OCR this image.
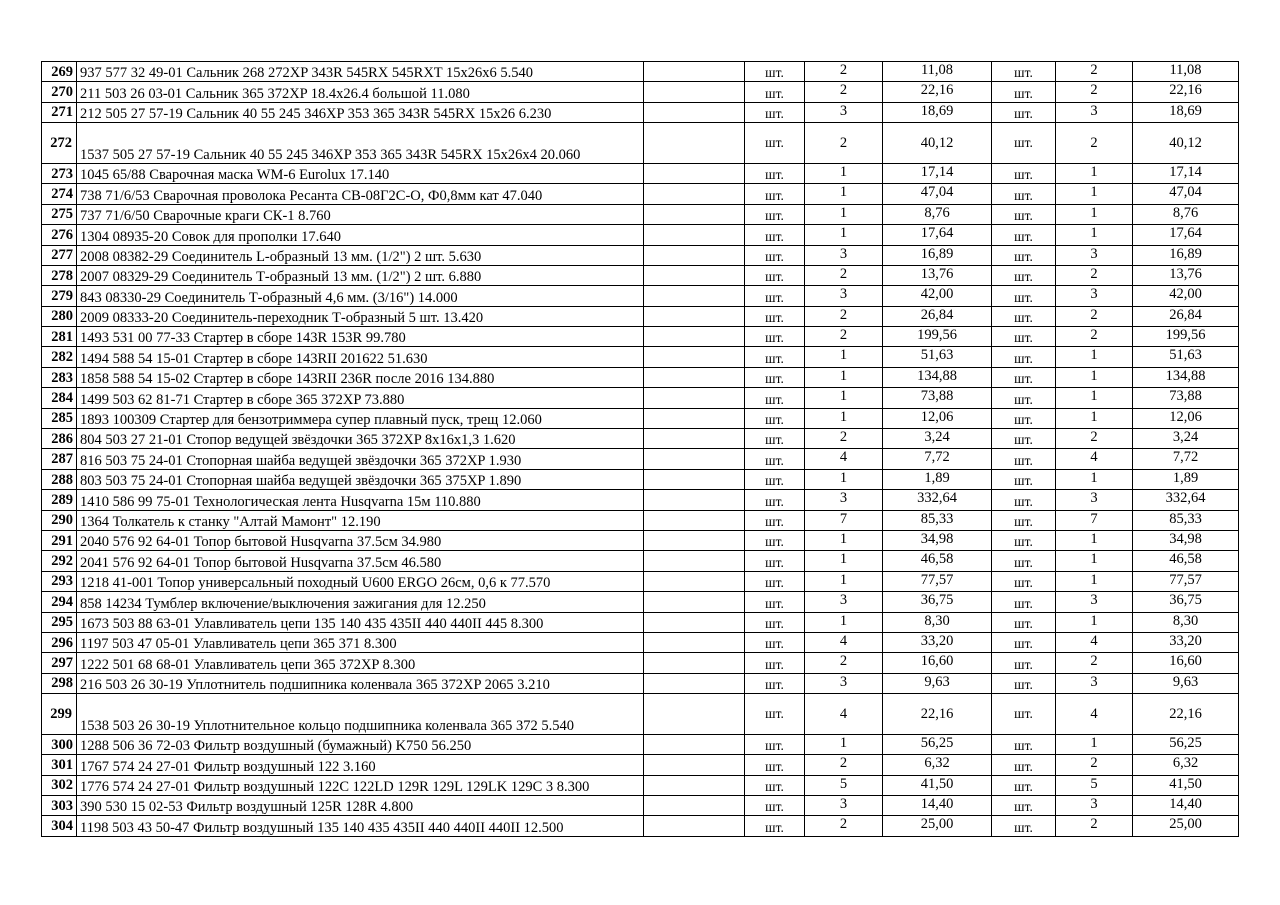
269	937 577 32 49-01 Сальник 268 272XP 343R 545RX 545RXT 15x26x6 5.540		шт.	2	11,08	шт.	2	11,08
270	211 503 26 03-01 Сальник 365 372XP 18.4x26.4 большой 11.080		шт.	2	22,16	шт.	2	22,16
271	212 505 27 57-19 Сальник 40 55 245 346XP 353 365 343R 545RX 15x26 6.230		шт.	3	18,69	шт.	3	18,69
272	1537 505 27 57-19 Сальник 40 55 245 346XP 353 365 343R 545RX 15x26x4 20.060		шт.	2	40,12	шт.	2	40,12
273	1045 65/88 Сварочная маска WM-6 Eurolux 17.140		шт.	1	17,14	шт.	1	17,14
274	738 71/6/53 Сварочная проволока Ресанта СВ-08Г2С-О, Ф0,8мм кат 47.040		шт.	1	47,04	шт.	1	47,04
275	737 71/6/50 Сварочные краги СК-1 8.760		шт.	1	8,76	шт.	1	8,76
276	1304 08935-20 Совок для прополки 17.640		шт.	1	17,64	шт.	1	17,64
277	2008 08382-29 Соединитель L-образный 13 мм. (1/2") 2 шт. 5.630		шт.	3	16,89	шт.	3	16,89
278	2007 08329-29 Соединитель Т-образный 13 мм. (1/2") 2 шт. 6.880		шт.	2	13,76	шт.	2	13,76
279	843 08330-29 Соединитель Т-образный 4,6 мм. (3/16") 14.000		шт.	3	42,00	шт.	3	42,00
280	2009 08333-20 Соединитель-переходник Т-образный 5 шт. 13.420		шт.	2	26,84	шт.	2	26,84
281	1493 531 00 77-33 Стартер в сборе 143R 153R 99.780		шт.	2	199,56	шт.	2	199,56
282	1494 588 54 15-01 Стартер в сборе 143RII 201622 51.630		шт.	1	51,63	шт.	1	51,63
283	1858 588 54 15-02 Стартер в сборе 143RII 236R после 2016 134.880		шт.	1	134,88	шт.	1	134,88
284	1499 503 62 81-71 Стартер в сборе 365 372XP 73.880		шт.	1	73,88	шт.	1	73,88
285	1893 100309 Стартер для бензотриммера супер плавный пуск, трещ 12.060		шт.	1	12,06	шт.	1	12,06
286	804 503 27 21-01 Стопор ведущей звёздочки 365 372XP 8x16x1,3 1.620		шт.	2	3,24	шт.	2	3,24
287	816 503 75 24-01 Стопорная шайба ведущей звёздочки 365 372XP 1.930		шт.	4	7,72	шт.	4	7,72
288	803 503 75 24-01 Стопорная шайба ведущей звёздочки 365 375XP 1.890		шт.	1	1,89	шт.	1	1,89
289	1410 586 99 75-01 Технологическая лента Husqvarna 15м 110.880		шт.	3	332,64	шт.	3	332,64
290	1364 Толкатель к станку "Алтай Мамонт" 12.190		шт.	7	85,33	шт.	7	85,33
291	2040 576 92 64-01 Топор бытовой Husqvarna 37.5см 34.980		шт.	1	34,98	шт.	1	34,98
292	2041 576 92 64-01 Топор бытовой Husqvarna 37.5см 46.580		шт.	1	46,58	шт.	1	46,58
293	1218 41-001 Топор универсальный походный U600 ERGO 26см, 0,6 к 77.570		шт.	1	77,57	шт.	1	77,57
294	858 14234 Тумблер включение/выключения зажигания для 12.250		шт.	3	36,75	шт.	3	36,75
295	1673 503 88 63-01 Улавливатель цепи 135 140 435 435II 440 440II 445 8.300		шт.	1	8,30	шт.	1	8,30
296	1197 503 47 05-01 Улавливатель цепи 365 371 8.300		шт.	4	33,20	шт.	4	33,20
297	1222 501 68 68-01 Улавливатель цепи 365 372XP 8.300		шт.	2	16,60	шт.	2	16,60
298	216 503 26 30-19 Уплотнитель подшипника коленвала 365 372XP 2065 3.210		шт.	3	9,63	шт.	3	9,63
299	1538 503 26 30-19 Уплотнительное кольцо подшипника коленвала 365 372 5.540		шт.	4	22,16	шт.	4	22,16
300	1288 506 36 72-03 Фильтр воздушный (бумажный) K750 56.250		шт.	1	56,25	шт.	1	56,25
301	1767 574 24 27-01 Фильтр воздушный 122 3.160		шт.	2	6,32	шт.	2	6,32
302	1776 574 24 27-01 Фильтр воздушный 122C 122LD 129R 129L 129LK 129C 3 8.300		шт.	5	41,50	шт.	5	41,50
303	390 530 15 02-53 Фильтр воздушный 125R 128R 4.800		шт.	3	14,40	шт.	3	14,40
304	1198 503 43 50-47 Фильтр воздушный 135 140 435 435II 440 440II 440II 12.500		шт.	2	25,00	шт.	2	25,00
